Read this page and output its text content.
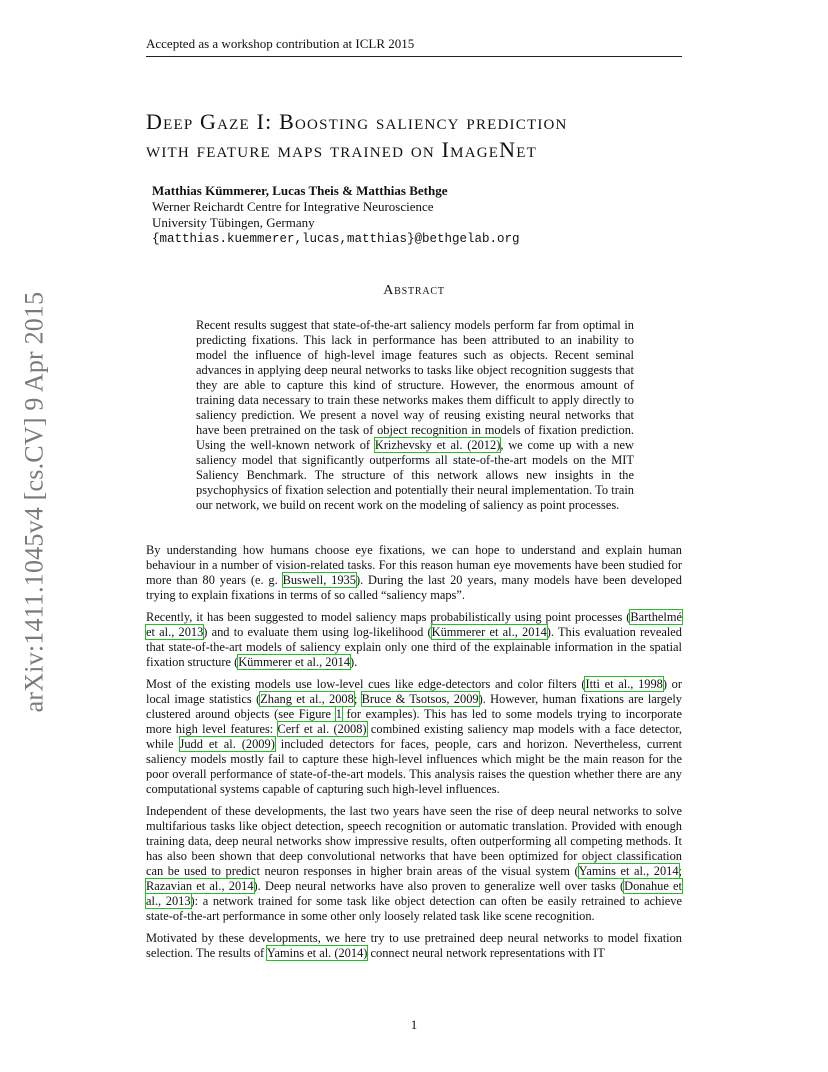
Accepted as a workshop contribution at ICLR 2015
arXiv:1411.1045v4 [cs.CV] 9 Apr 2015
Deep Gaze I: Boosting saliency prediction
with feature maps trained on ImageNet
Matthias Kümmerer, Lucas Theis & Matthias Bethge
Werner Reichardt Centre for Integrative Neuroscience
University Tübingen, Germany
{matthias.kuemmerer,lucas,matthias}@bethgelab.org
Abstract

Recent results suggest that state-of-the-art saliency models perform far from optimal in predicting fixations. This lack in performance has been attributed to an inability to model the influence of high-level image features such as objects. Recent seminal advances in applying deep neural networks to tasks like object recognition suggests that they are able to capture this kind of structure. However, the enormous amount of training data necessary to train these networks makes them difficult to apply directly to saliency prediction. We present a novel way of reusing existing neural networks that have been pretrained on the task of object recognition in models of fixation prediction. Using the well-known network of Krizhevsky et al. (2012), we come up with a new saliency model that significantly outperforms all state-of-the-art models on the MIT Saliency Benchmark. The structure of this network allows new insights in the psychophysics of fixation selection and potentially their neural implementation. To train our network, we build on recent work on the modeling of saliency as point processes.

By understanding how humans choose eye fixations, we can hope to understand and explain human behaviour in a number of vision-related tasks. For this reason human eye movements have been studied for more than 80 years (e. g. Buswell, 1935). During the last 20 years, many models have been developed trying to explain fixations in terms of so called “saliency maps”.

Recently, it has been suggested to model saliency maps probabilistically using point processes (Barthelmé et al., 2013) and to evaluate them using log-likelihood (Kümmerer et al., 2014). This evaluation revealed that state-of-the-art models of saliency explain only one third of the explainable information in the spatial fixation structure (Kümmerer et al., 2014).

Most of the existing models use low-level cues like edge-detectors and color filters (Itti et al., 1998) or local image statistics (Zhang et al., 2008; Bruce & Tsotsos, 2009). However, human fixations are largely clustered around objects (see Figure 1 for examples). This has led to some models trying to incorporate more high level features: Cerf et al. (2008) combined existing saliency map models with a face detector, while Judd et al. (2009) included detectors for faces, people, cars and horizon. Nevertheless, current saliency models mostly fail to capture these high-level influences which might be the main reason for the poor overall performance of state-of-the-art models. This analysis raises the question whether there are any computational systems capable of capturing such high-level influences.

Independent of these developments, the last two years have seen the rise of deep neural networks to solve multifarious tasks like object detection, speech recognition or automatic translation. Provided with enough training data, deep neural networks show impressive results, often outperforming all competing methods. It has also been shown that deep convolutional networks that have been optimized for object classification can be used to predict neuron responses in higher brain areas of the visual system (Yamins et al., 2014; Razavian et al., 2014). Deep neural networks have also proven to generalize well over tasks (Donahue et al., 2013): a network trained for some task like object detection can often be easily retrained to achieve state-of-the-art performance in some other only loosely related task like scene recognition.

Motivated by these developments, we here try to use pretrained deep neural networks to model fixation selection. The results of Yamins et al. (2014) connect neural network representations with IT

1
